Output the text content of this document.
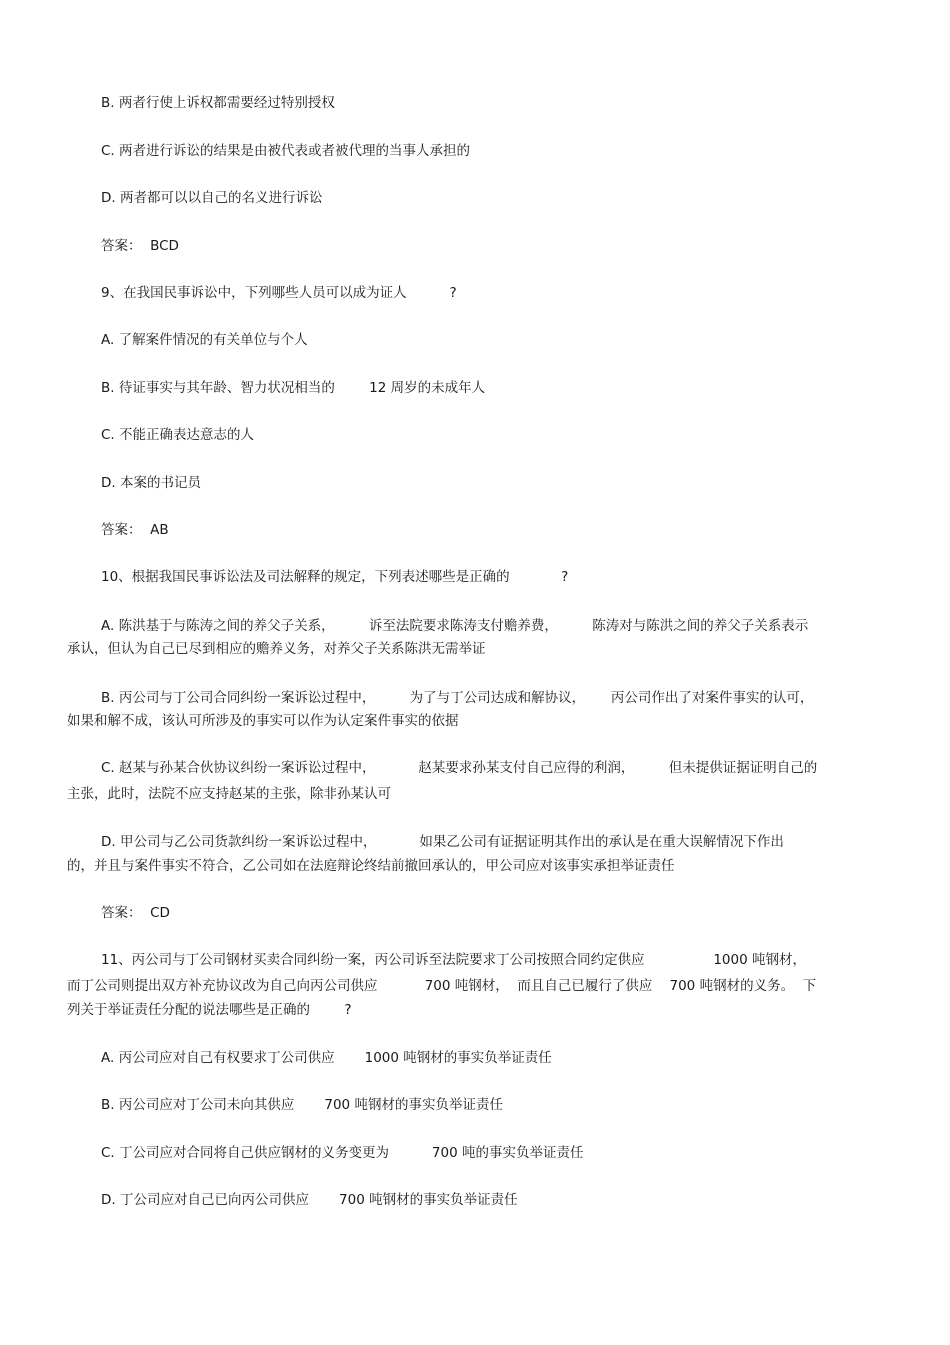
B. 两者行使上诉权都需要经过特别授权

C. 两者进行诉讼的结果是由被代表或者被代理的当事人承担的

D. 两者都可以以自己的名义进行诉讼

答案：  BCD

9、在我国民事诉讼中，下列哪些人员可以成为证人          ?

A. 了解案件情况的有关单位与个人

B. 待证事实与其年龄、智力状况相当的        12 周岁的未成年人

C. 不能正确表达意志的人

D. 本案的书记员

答案：  AB

10、根据我国民事诉讼法及司法解释的规定，下列表述哪些是正确的            ?

A. 陈洪基于与陈涛之间的养父子关系，        诉至法院要求陈涛支付赡养费，        陈涛对与陈洪之间的养父子关系表示

承认，但认为自己已尽到相应的赡养义务，对养父子关系陈洪无需举证

B. 丙公司与丁公司合同纠纷一案诉讼过程中，        为了与丁公司达成和解协议，      丙公司作出了对案件事实的认可，

如果和解不成，该认可所涉及的事实可以作为认定案件事实的依据

C. 赵某与孙某合伙协议纠纷一案诉讼过程中，          赵某要求孙某支付自己应得的利润，        但未提供证据证明自己的

主张，此时，法院不应支持赵某的主张，除非孙某认可

D. 甲公司与乙公司货款纠纷一案诉讼过程中，          如果乙公司有证据证明其作出的承认是在重大误解情况下作出

的，并且与案件事实不符合，乙公司如在法庭辩论终结前撤回承认的，甲公司应对该事实承担举证责任

答案：  CD

11、丙公司与丁公司钢材买卖合同纠纷一案，丙公司诉至法院要求丁公司按照合同约定供应                1000 吨钢材，

而丁公司则提出双方补充协议改为自己向丙公司供应           700 吨钢材，  而且自己已履行了供应    700 吨钢材的义务。  下

列关于举证责任分配的说法哪些是正确的        ?

A. 丙公司应对自己有权要求丁公司供应       1000 吨钢材的事实负举证责任

B. 丙公司应对丁公司未向其供应       700 吨钢材的事实负举证责任

C. 丁公司应对合同将自己供应钢材的义务变更为          700 吨的事实负举证责任

D. 丁公司应对自己已向丙公司供应       700 吨钢材的事实负举证责任
